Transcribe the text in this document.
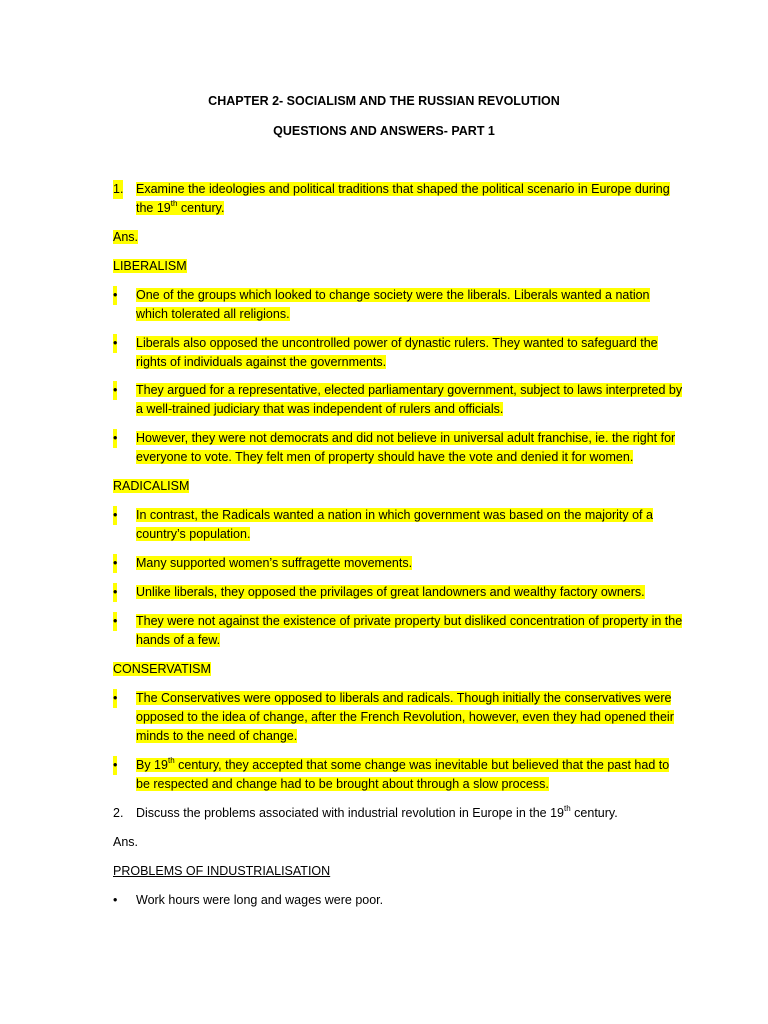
CHAPTER 2- SOCIALISM AND THE RUSSIAN REVOLUTION

QUESTIONS AND ANSWERS- PART 1

1. Examine the ideologies and political traditions that shaped the political scenario in Europe during the 19th century.

Ans.

LIBERALISM

• One of the groups which looked to change society were the liberals. Liberals wanted a nation which tolerated all religions.
• Liberals also opposed the uncontrolled power of dynastic rulers. They wanted to safeguard the rights of individuals against the governments.
• They argued for a representative, elected parliamentary government, subject to laws interpreted by a well-trained judiciary that was independent of rulers and officials.
• However, they were not democrats and did not believe in universal adult franchise, ie. the right for everyone to vote. They felt men of property should have the vote and denied it for women.

RADICALISM

• In contrast, the Radicals wanted a nation in which government was based on the majority of a country’s population.
• Many supported women’s suffragette movements.
• Unlike liberals, they opposed the privilages of great landowners and wealthy factory owners.
• They were not against the existence of private property but disliked concentration of property in the hands of a few.

CONSERVATISM

• The Conservatives were opposed to liberals and radicals. Though initially the conservatives were opposed to the idea of change, after the French Revolution, however, even they had opened their minds to the need of change.
• By 19th century, they accepted that some change was inevitable but believed that the past had to be respected and change had to be brought about through a slow process.
2. Discuss the problems associated with industrial revolution in Europe in the 19th century.

Ans.

PROBLEMS OF INDUSTRIALISATION

• Work hours were long and wages were poor.
